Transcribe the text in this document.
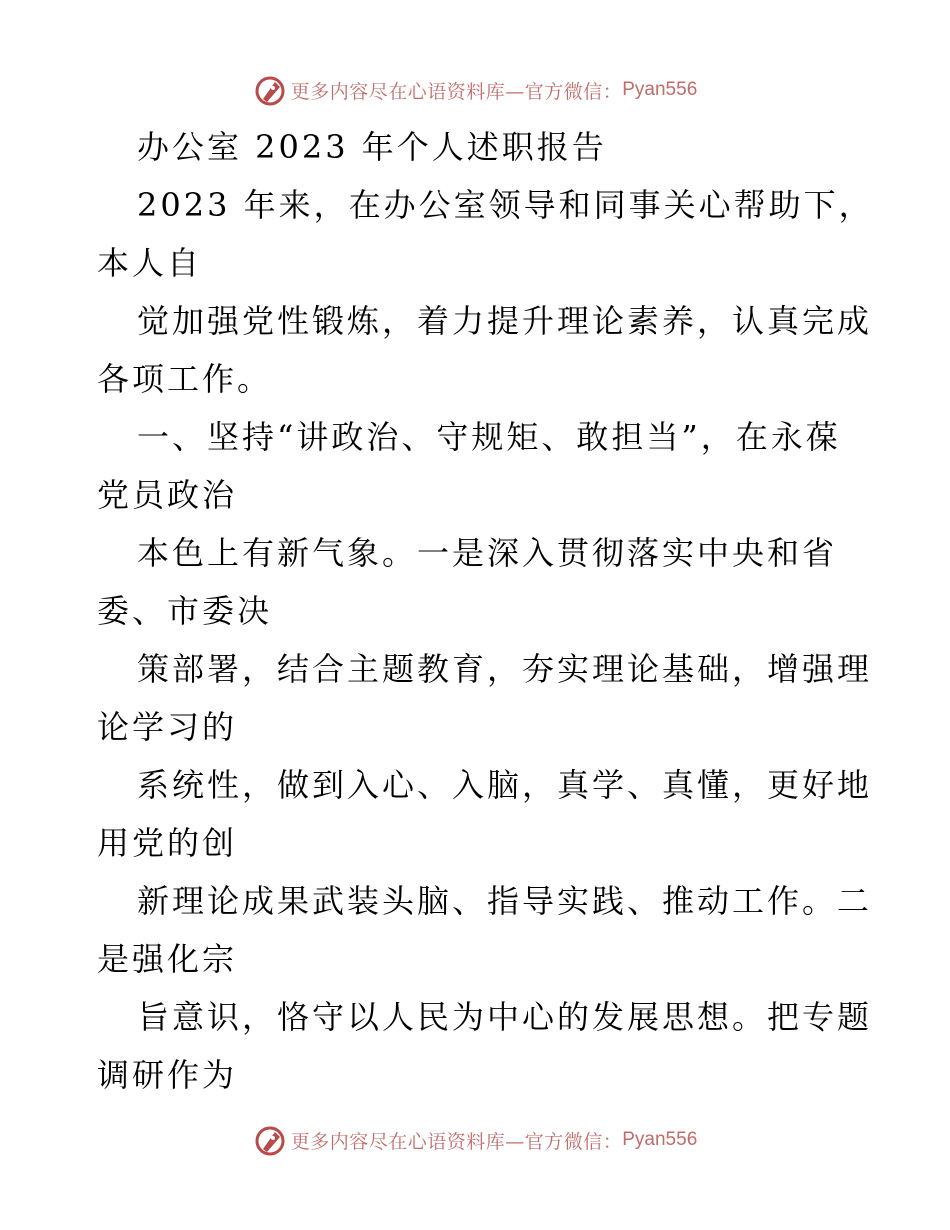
更多内容尽在心语资料库—官方微信： Pyan556
办公室 2023 年个人述职报告
2023 年来，在办公室领导和同事关心帮助下，
本人自
觉加强党性锻炼，着力提升理论素养，认真完成
各项工作。
一、坚持“讲政治、守规矩、敢担当”，在永葆
党员政治
本色上有新气象。一是深入贯彻落实中央和省
委、市委决
策部署，结合主题教育，夯实理论基础，增强理
论学习的
系统性，做到入心、入脑，真学、真懂，更好地
用党的创
新理论成果武装头脑、指导实践、推动工作。二
是强化宗
旨意识，恪守以人民为中心的发展思想。把专题
调研作为
更多内容尽在心语资料库—官方微信： Pyan556
